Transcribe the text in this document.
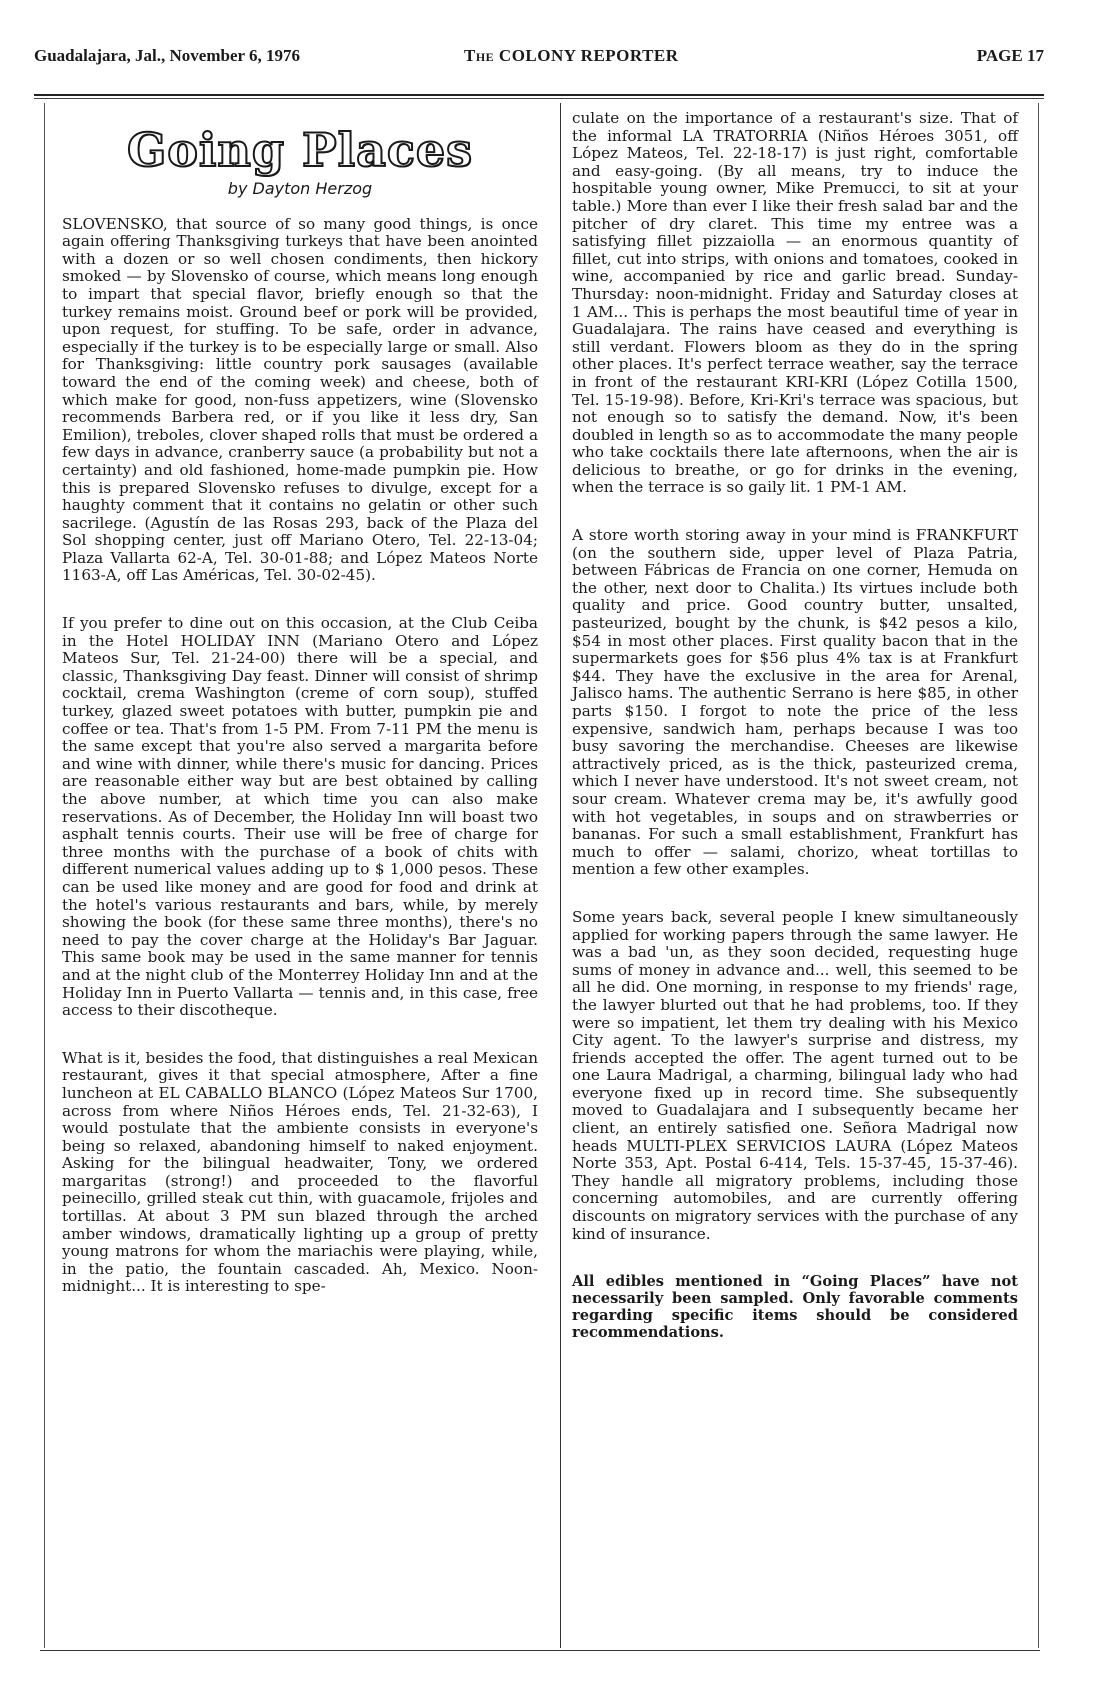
Guadalajara, Jal., November 6, 1976	The COLONY REPORTER	PAGE 17
Going Places
by Dayton Herzog

SLOVENSKO, that source of so many good things, is once again offering Thanksgiving turkeys that have been anointed with a dozen or so well chosen condiments, then hickory smoked — by Slovensko of course, which means long enough to impart that special flavor, briefly enough so that the turkey remains moist. Ground beef or pork will be provided, upon request, for stuffing. To be safe, order in advance, especially if the turkey is to be especially large or small. Also for Thanksgiving: little country pork sausages (available toward the end of the coming week) and cheese, both of which make for good, non-fuss appetizers, wine (Slovensko recommends Barbera red, or if you like it less dry, San Emilion), treboles, clover shaped rolls that must be ordered a few days in advance, cranberry sauce (a probability but not a certainty) and old fashioned, home-made pumpkin pie. How this is prepared Slovensko refuses to divulge, except for a haughty comment that it contains no gelatin or other such sacrilege. (Agustín de las Rosas 293, back of the Plaza del Sol shopping center, just off Mariano Otero, Tel. 22-13-04; Plaza Vallarta 62-A, Tel. 30-01-88; and López Mateos Norte 1163-A, off Las Américas, Tel. 30-02-45).

If you prefer to dine out on this occasion, at the Club Ceiba in the Hotel HOLIDAY INN (Mariano Otero and López Mateos Sur, Tel. 21-24-00) there will be a special, and classic, Thanksgiving Day feast. Dinner will consist of shrimp cocktail, crema Washington (creme of corn soup), stuffed turkey, glazed sweet potatoes with butter, pumpkin pie and coffee or tea. That's from 1-5 PM. From 7-11 PM the menu is the same except that you're also served a margarita before and wine with dinner, while there's music for dancing. Prices are reasonable either way but are best obtained by calling the above number, at which time you can also make reservations. As of December, the Holiday Inn will boast two asphalt tennis courts. Their use will be free of charge for three months with the purchase of a book of chits with different numerical values adding up to $ 1,000 pesos. These can be used like money and are good for food and drink at the hotel's various restaurants and bars, while, by merely showing the book (for these same three months), there's no need to pay the cover charge at the Holiday's Bar Jaguar. This same book may be used in the same manner for tennis and at the night club of the Monterrey Holiday Inn and at the Holiday Inn in Puerto Vallarta — tennis and, in this case, free access to their discotheque.

What is it, besides the food, that distinguishes a real Mexican restaurant, gives it that special atmosphere, After a fine luncheon at EL CABALLO BLANCO (López Mateos Sur 1700, across from where Niños Héroes ends, Tel. 21-32-63), I would postulate that the ambiente consists in everyone's being so relaxed, abandoning himself to naked enjoyment. Asking for the bilingual headwaiter, Tony, we ordered margaritas (strong!) and proceeded to the flavorful peinecillo, grilled steak cut thin, with guacamole, frijoles and tortillas. At about 3 PM sun blazed through the arched amber windows, dramatically lighting up a group of pretty young matrons for whom the mariachis were playing, while, in the patio, the fountain cascaded. Ah, Mexico. Noon-midnight... It is interesting to spe-

culate on the importance of a restaurant's size. That of the informal LA TRATORRIA (Niños Héroes 3051, off López Mateos, Tel. 22-18-17) is just right, comfortable and easy-going. (By all means, try to induce the hospitable young owner, Mike Premucci, to sit at your table.) More than ever I like their fresh salad bar and the pitcher of dry claret. This time my entree was a satisfying fillet pizzaiolla — an enormous quantity of fillet, cut into strips, with onions and tomatoes, cooked in wine, accompanied by rice and garlic bread. Sunday-Thursday: noon-midnight. Friday and Saturday closes at 1 AM... This is perhaps the most beautiful time of year in Guadalajara. The rains have ceased and everything is still verdant. Flowers bloom as they do in the spring other places. It's perfect terrace weather, say the terrace in front of the restaurant KRI-KRI (López Cotilla 1500, Tel. 15-19-98). Before, Kri-Kri's terrace was spacious, but not enough so to satisfy the demand. Now, it's been doubled in length so as to accommodate the many people who take cocktails there late afternoons, when the air is delicious to breathe, or go for drinks in the evening, when the terrace is so gaily lit. 1 PM-1 AM.

A store worth storing away in your mind is FRANKFURT (on the southern side, upper level of Plaza Patria, between Fábricas de Francia on one corner, Hemuda on the other, next door to Chalita.) Its virtues include both quality and price. Good country butter, unsalted, pasteurized, bought by the chunk, is $42 pesos a kilo, $54 in most other places. First quality bacon that in the supermarkets goes for $56 plus 4% tax is at Frankfurt $44. They have the exclusive in the area for Arenal, Jalisco hams. The authentic Serrano is here $85, in other parts $150. I forgot to note the price of the less expensive, sandwich ham, perhaps because I was too busy savoring the merchandise. Cheeses are likewise attractively priced, as is the thick, pasteurized crema, which I never have understood. It's not sweet cream, not sour cream. Whatever crema may be, it's awfully good with hot vegetables, in soups and on strawberries or bananas. For such a small establishment, Frankfurt has much to offer — salami, chorizo, wheat tortillas to mention a few other examples.

Some years back, several people I knew simultaneously applied for working papers through the same lawyer. He was a bad 'un, as they soon decided, requesting huge sums of money in advance and... well, this seemed to be all he did. One morning, in response to my friends' rage, the lawyer blurted out that he had problems, too. If they were so impatient, let them try dealing with his Mexico City agent. To the lawyer's surprise and distress, my friends accepted the offer. The agent turned out to be one Laura Madrigal, a charming, bilingual lady who had everyone fixed up in record time. She subsequently moved to Guadalajara and I subsequently became her client, an entirely satisfied one. Señora Madrigal now heads MULTI-PLEX SERVICIOS LAURA (López Mateos Norte 353, Apt. Postal 6-414, Tels. 15-37-45, 15-37-46). They handle all migratory problems, including those concerning automobiles, and are currently offering discounts on migratory services with the purchase of any kind of insurance.

All edibles mentioned in “Going Places” have not necessarily been sampled. Only favorable comments regarding specific items should be considered recommendations.
